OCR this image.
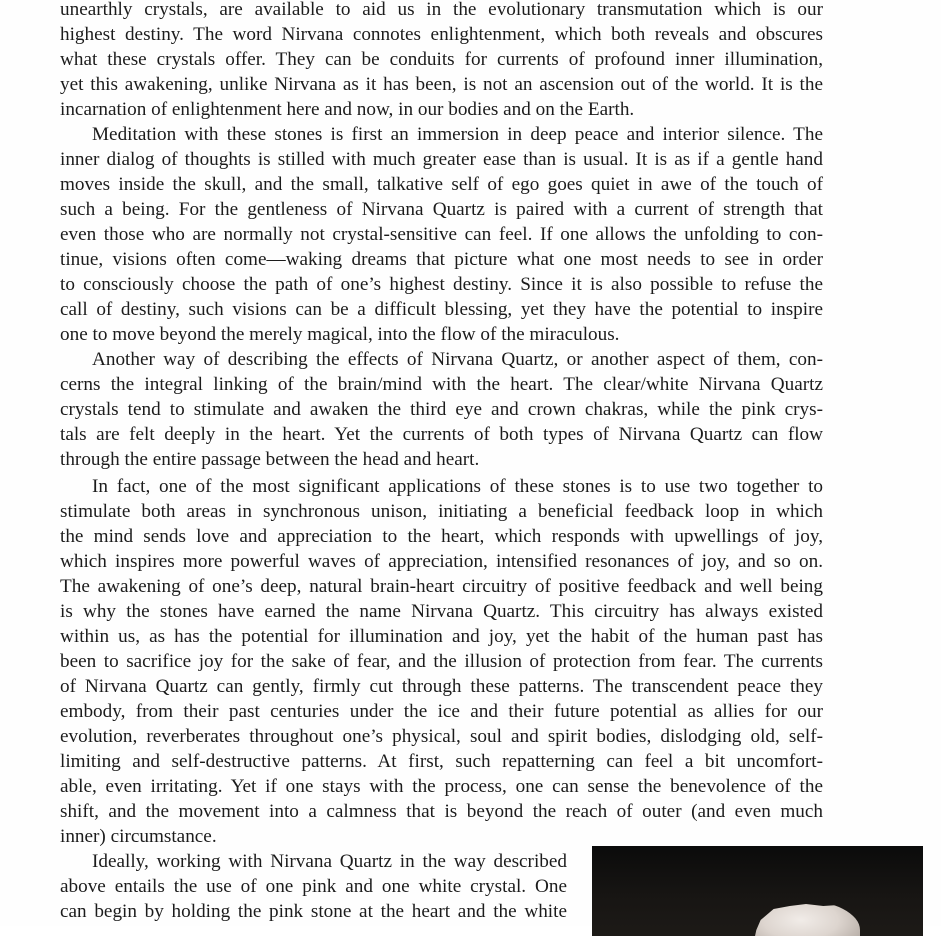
unearthly crystals, are available to aid us in the evolutionary transmutation which is our
highest destiny. The word Nirvana connotes enlightenment, which both reveals and obscures
what these crystals offer. They can be conduits for currents of profound inner illumination,
yet this awakening, unlike Nirvana as it has been, is not an ascension out of the world. It is the
incarnation of enlightenment here and now, in our bodies and on the Earth.
Meditation with these stones is first an immersion in deep peace and interior silence. The
inner dialog of thoughts is stilled with much greater ease than is usual. It is as if a gentle hand
moves inside the skull, and the small, talkative self of ego goes quiet in awe of the touch of
such a being. For the gentleness of Nirvana Quartz is paired with a current of strength that
even those who are normally not crystal-sensitive can feel. If one allows the unfolding to con-
tinue, visions often come—waking dreams that picture what one most needs to see in order
to consciously choose the path of one’s highest destiny. Since it is also possible to refuse the
call of destiny, such visions can be a difficult blessing, yet they have the potential to inspire
one to move beyond the merely magical, into the flow of the miraculous.
Another way of describing the effects of Nirvana Quartz, or another aspect of them, con-
cerns the integral linking of the brain/mind with the heart. The clear/white Nirvana Quartz
crystals tend to stimulate and awaken the third eye and crown chakras, while the pink crys-
tals are felt deeply in the heart. Yet the currents of both types of Nirvana Quartz can flow
through the entire passage between the head and heart.
In fact, one of the most significant applications of these stones is to use two together to
stimulate both areas in synchronous unison, initiating a beneficial feedback loop in which
the mind sends love and appreciation to the heart, which responds with upwellings of joy,
which inspires more powerful waves of appreciation, intensified resonances of joy, and so on.
The awakening of one’s deep, natural brain-heart circuitry of positive feedback and well being
is why the stones have earned the name Nirvana Quartz. This circuitry has always existed
within us, as has the potential for illumination and joy, yet the habit of the human past has
been to sacrifice joy for the sake of fear, and the illusion of protection from fear. The currents
of Nirvana Quartz can gently, firmly cut through these patterns. The transcendent peace they
embody, from their past centuries under the ice and their future potential as allies for our
evolution, reverberates throughout one’s physical, soul and spirit bodies, dislodging old, self-
limiting and self-destructive patterns. At first, such repatterning can feel a bit uncomfort-
able, even irritating. Yet if one stays with the process, one can sense the benevolence of the
shift, and the movement into a calmness that is beyond the reach of outer (and even much
inner) circumstance.
Ideally, working with Nirvana Quartz in the way described
above entails the use of one pink and one white crystal. One
can begin by holding the pink stone at the heart and the white
